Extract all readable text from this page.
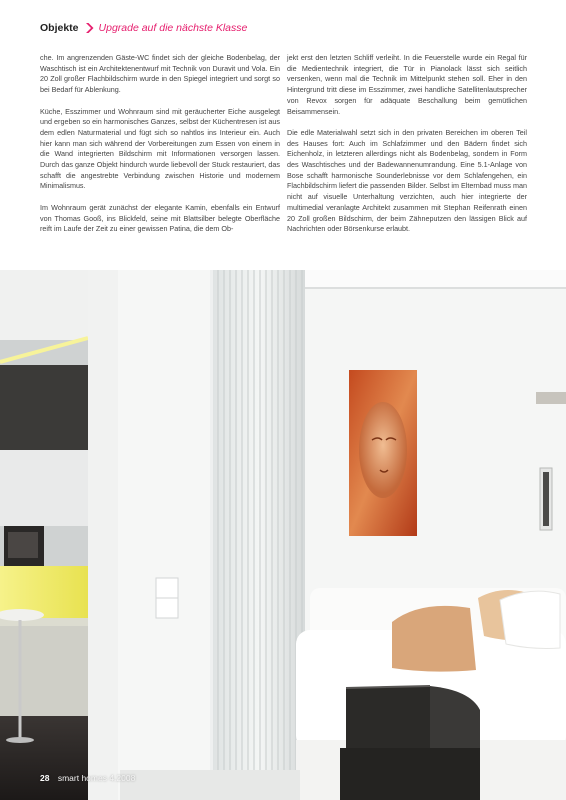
Objekte Upgrade auf die nächste Klasse

che. Im angrenzenden Gäste-WC findet sich der gleiche Bodenbelag, der Waschtisch ist ein Architektenentwurf mit Technik von Duravit und Vola. Ein 20 Zoll großer Flachbildschirm wurde in den Spiegel integriert und sorgt so bei Bedarf für Ablenkung.

Küche, Esszimmer und Wohnraum sind mit geräucherter Eiche ausgelegt und ergeben so ein harmonisches Ganzes, selbst der Küchentresen ist aus dem edlen Naturmaterial und fügt sich so nahtlos ins Interieur ein. Auch hier kann man sich während der Vorbereitungen zum Essen von einem in die Wand integrierten Bildschirm mit Informationen versorgen lassen. Durch das ganze Objekt hindurch wurde liebevoll der Stuck restauriert, das schafft die angestrebte Verbindung zwischen Historie und modernem Minimalismus.

Im Wohnraum gerät zunächst der elegante Kamin, ebenfalls ein Entwurf von Thomas Gooß, ins Blickfeld, seine mit Blattsilber belegte Oberfläche reift im Laufe der Zeit zu einer gewissen Patina, die dem Ob-

jekt erst den letzten Schliff verleiht. In die Feuerstelle wurde ein Regal für die Medientechnik integriert, die Tür in Pianolack lässt sich seitlich versenken, wenn mal die Technik im Mittelpunkt stehen soll. Eher in den Hintergrund tritt diese im Esszimmer, zwei handliche Satellitenlautsprecher von Revox sorgen für adäquate Beschallung beim gemütlichen Beisammensein.

Die edle Materialwahl setzt sich in den privaten Bereichen im oberen Teil des Hauses fort: Auch im Schlafzimmer und den Bädern findet sich Eichenholz, in letzteren allerdings nicht als Bodenbelag, sondern in Form des Waschtisches und der Badewannenumrandung. Eine 5.1-Anlage von Bose schafft harmonische Sounderlebnisse vor dem Schlafengehen, ein Flachbildschirm liefert die passenden Bilder. Selbst im Elternbad muss man nicht auf visuelle Unterhaltung verzichten, auch hier integrierte der multimedial veranlagte Architekt zusammen mit Stephan Reifenrath einen 20 Zoll großen Bildschirm, der beim Zähneputzen den lässigen Blick auf Nachrichten oder Börsenkurse erlaubt.

28 smart homes 4.2008
